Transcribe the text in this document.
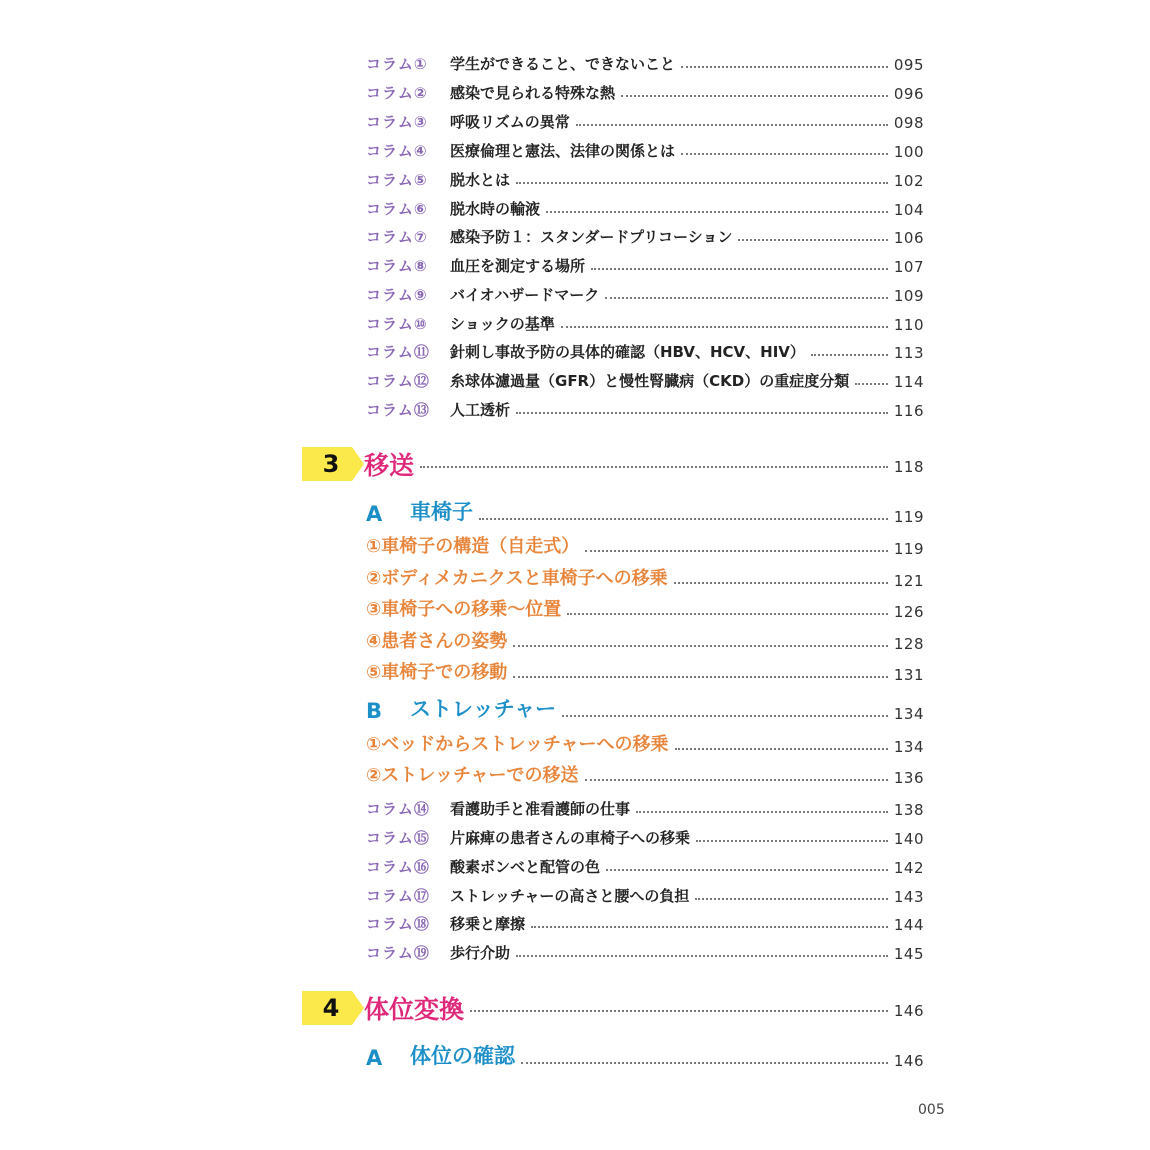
コラム①	学生ができること、できないこと	095
コラム②	感染で見られる特殊な熱	096
コラム③	呼吸リズムの異常	098
コラム④	医療倫理と憲法、法律の関係とは	100
コラム⑤	脱水とは	102
コラム⑥	脱水時の輸液	104
コラム⑦	感染予防１：スタンダードプリコーション	106
コラム⑧	血圧を測定する場所	107
コラム⑨	バイオハザードマーク	109
コラム⑩	ショックの基準	110
コラム⑪	針刺し事故予防の具体的確認（HBV、HCV、HIV）	113
コラム⑫	糸球体濾過量（GFR）と慢性腎臓病（CKD）の重症度分類	114
コラム⑬	人工透析	116
3 移送	118
A	車椅子	119
①車椅子の構造（自走式）	119
②ボディメカニクスと車椅子への移乗	121
③車椅子への移乗～位置	126
④患者さんの姿勢	128
⑤車椅子での移動	131
B	ストレッチャー	134
①ベッドからストレッチャーへの移乗	134
②ストレッチャーでの移送	136
コラム⑭	看護助手と准看護師の仕事	138
コラム⑮	片麻痺の患者さんの車椅子への移乗	140
コラム⑯	酸素ボンベと配管の色	142
コラム⑰	ストレッチャーの高さと腰への負担	143
コラム⑱	移乗と摩擦	144
コラム⑲	歩行介助	145
4 体位変換	146
A	体位の確認	146
005
